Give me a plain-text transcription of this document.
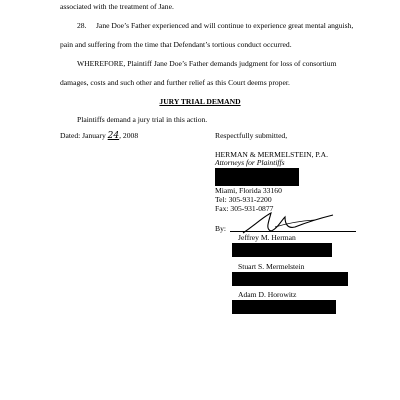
associated with the treatment of Jane.
28. Jane Doe’s Father experienced and will continue to experience great mental anguish,
pain and suffering from the time that Defendant’s tortious conduct occurred.
WHEREFORE, Plaintiff Jane Doe’s Father demands judgment for loss of consortium
damages, costs and such other and further relief as this Court deems proper.
JURY TRIAL DEMAND
Plaintiffs demand a jury trial in this action.
Dated: January 24, 2008	Respectfully submitted,
HERMAN & MERMELSTEIN, P.A.
Attorneys for Plaintiffs
Miami, Florida 33160
Tel: 305-931-2200
Fax: 305-931-0877
By:
Jeffrey M. Herman
Stuart S. Mermelstein
Adam D. Horowitz
